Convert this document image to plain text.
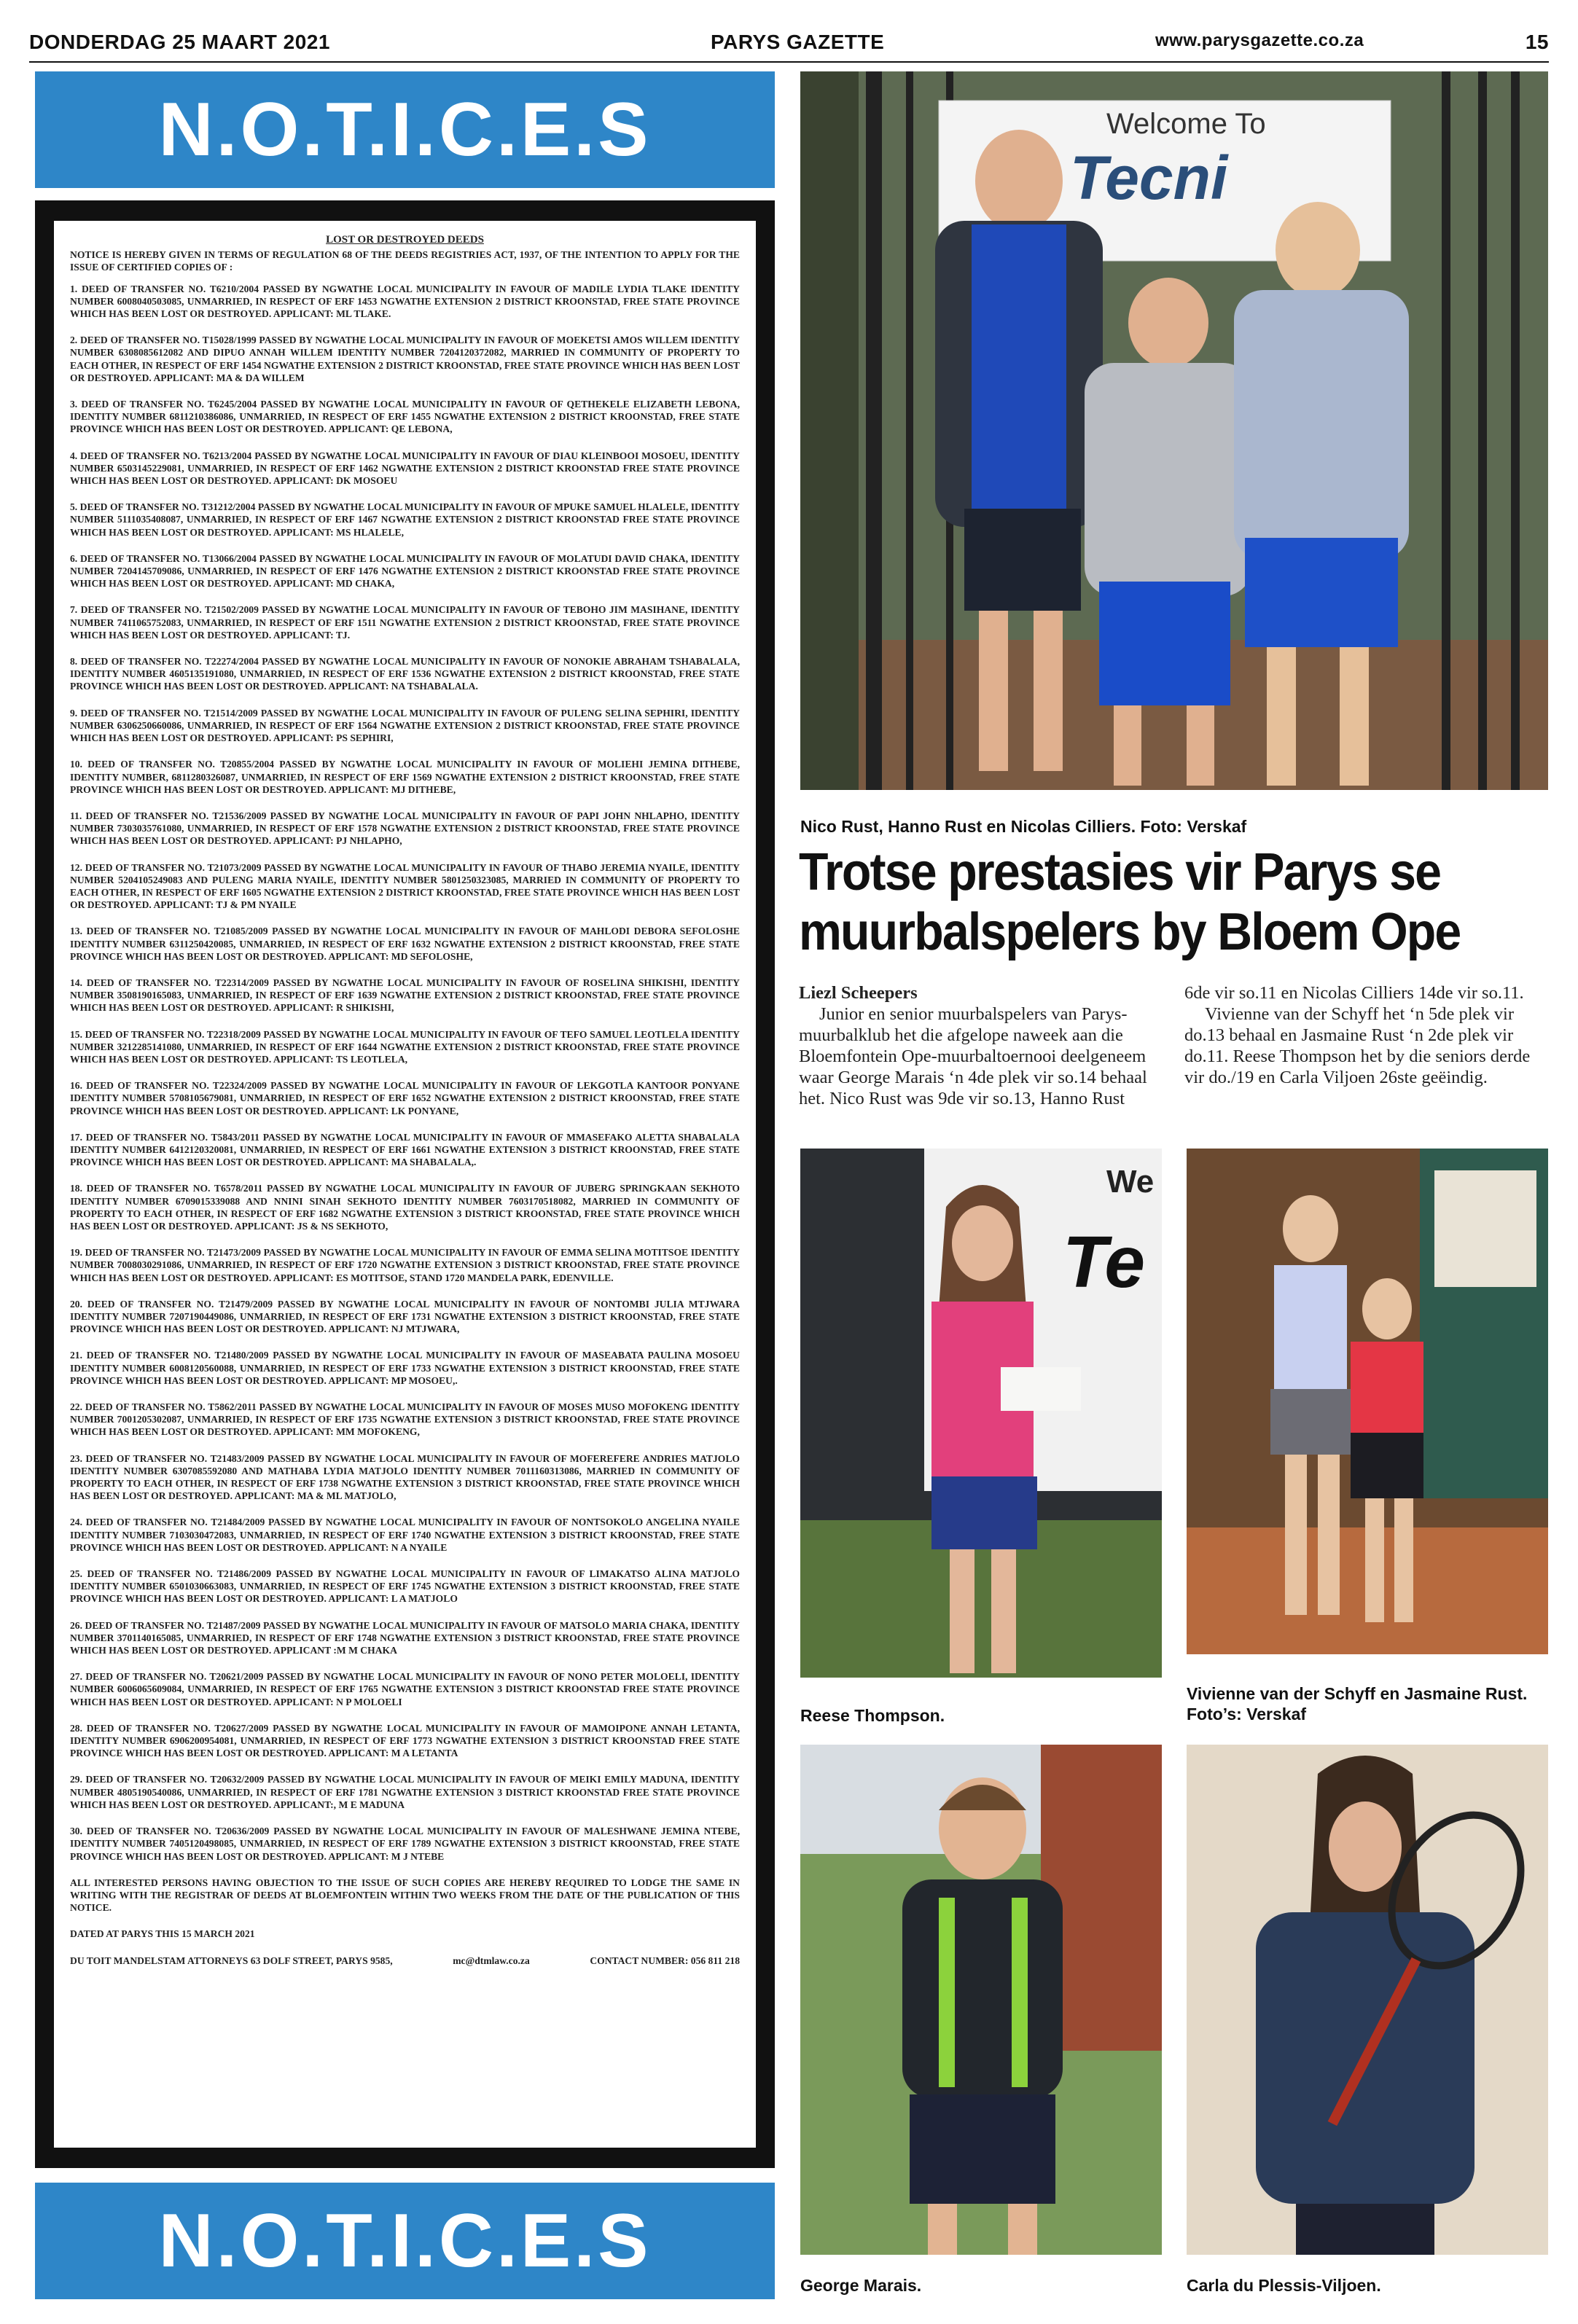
DONDERDAG 25 MAART 2021	PARYS GAZETTE	www.parysgazette.co.za	15
N.O.T.I.C.E.S
LOST OR DESTROYED DEEDS

NOTICE IS HEREBY GIVEN IN TERMS OF REGULATION 68 OF THE DEEDS REGISTRIES ACT, 1937, OF THE INTENTION TO APPLY FOR THE ISSUE OF CERTIFIED COPIES OF :

1. DEED OF TRANSFER NO. T6210/2004 PASSED BY NGWATHE LOCAL MUNICIPALITY IN FAVOUR OF MADILE LYDIA TLAKE IDENTITY NUMBER 6008040503085, UNMARRIED, IN RESPECT OF ERF 1453 NGWATHE EXTENSION 2 DISTRICT KROONSTAD, FREE STATE PROVINCE WHICH HAS BEEN LOST OR DESTROYED. APPLICANT: ML TLAKE.

2. DEED OF TRANSFER NO. T15028/1999 PASSED BY NGWATHE LOCAL MUNICIPALITY IN FAVOUR OF MOEKETSI AMOS WILLEM IDENTITY NUMBER 6308085612082 AND DIPUO ANNAH WILLEM IDENTITY NUMBER 7204120372082, MARRIED IN COMMUNITY OF PROPERTY TO EACH OTHER, IN RESPECT OF ERF 1454 NGWATHE EXTENSION 2 DISTRICT KROONSTAD, FREE STATE PROVINCE WHICH HAS BEEN LOST OR DESTROYED. APPLICANT: MA & DA WILLEM

3. DEED OF TRANSFER NO. T6245/2004 PASSED BY NGWATHE LOCAL MUNICIPALITY IN FAVOUR OF QETHEKELE ELIZABETH LEBONA, IDENTITY NUMBER 6811210386086, UNMARRIED, IN RESPECT OF ERF 1455 NGWATHE EXTENSION 2 DISTRICT KROONSTAD, FREE STATE PROVINCE WHICH HAS BEEN LOST OR DESTROYED. APPLICANT: QE LEBONA,

4. DEED OF TRANSFER NO. T6213/2004 PASSED BY NGWATHE LOCAL MUNICIPALITY IN FAVOUR OF DIAU KLEINBOOI MOSOEU, IDENTITY NUMBER 6503145229081, UNMARRIED, IN RESPECT OF ERF 1462 NGWATHE EXTENSION 2 DISTRICT KROONSTAD FREE STATE PROVINCE WHICH HAS BEEN LOST OR DESTROYED. APPLICANT: DK MOSOEU

5. DEED OF TRANSFER NO. T31212/2004 PASSED BY NGWATHE LOCAL MUNICIPALITY IN FAVOUR OF MPUKE SAMUEL HLALELE, IDENTITY NUMBER 5111035408087, UNMARRIED, IN RESPECT OF ERF 1467 NGWATHE EXTENSION 2 DISTRICT KROONSTAD FREE STATE PROVINCE WHICH HAS BEEN LOST OR DESTROYED. APPLICANT: MS HLALELE,

6. DEED OF TRANSFER NO. T13066/2004 PASSED BY NGWATHE LOCAL MUNICIPALITY IN FAVOUR OF MOLATUDI DAVID CHAKA, IDENTITY NUMBER 7204145709086, UNMARRIED, IN RESPECT OF ERF 1476 NGWATHE EXTENSION 2 DISTRICT KROONSTAD FREE STATE PROVINCE WHICH HAS BEEN LOST OR DESTROYED. APPLICANT: MD CHAKA,

7. DEED OF TRANSFER NO. T21502/2009 PASSED BY NGWATHE LOCAL MUNICIPALITY IN FAVOUR OF TEBOHO JIM MASIHANE, IDENTITY NUMBER 7411065752083, UNMARRIED, IN RESPECT OF ERF 1511 NGWATHE EXTENSION 2 DISTRICT KROONSTAD, FREE STATE PROVINCE WHICH HAS BEEN LOST OR DESTROYED. APPLICANT: TJ.

8. DEED OF TRANSFER NO. T22274/2004 PASSED BY NGWATHE LOCAL MUNICIPALITY IN FAVOUR OF NONOKIE ABRAHAM TSHABALALA, IDENTITY NUMBER 4605135191080, UNMARRIED, IN RESPECT OF ERF 1536 NGWATHE EXTENSION 2 DISTRICT KROONSTAD, FREE STATE PROVINCE WHICH HAS BEEN LOST OR DESTROYED. APPLICANT: NA TSHABALALA.

9. DEED OF TRANSFER NO. T21514/2009 PASSED BY NGWATHE LOCAL MUNICIPALITY IN FAVOUR OF PULENG SELINA SEPHIRI, IDENTITY NUMBER 6306250660086, UNMARRIED, IN RESPECT OF ERF 1564 NGWATHE EXTENSION 2 DISTRICT KROONSTAD, FREE STATE PROVINCE WHICH HAS BEEN LOST OR DESTROYED. APPLICANT: PS SEPHIRI,

10. DEED OF TRANSFER NO. T20855/2004 PASSED BY NGWATHE LOCAL MUNICIPALITY IN FAVOUR OF MOLIEHI JEMINA DITHEBE, IDENTITY NUMBER, 6811280326087, UNMARRIED, IN RESPECT OF ERF 1569 NGWATHE EXTENSION 2 DISTRICT KROONSTAD, FREE STATE PROVINCE WHICH HAS BEEN LOST OR DESTROYED. APPLICANT: MJ DITHEBE,

11. DEED OF TRANSFER NO. T21536/2009 PASSED BY NGWATHE LOCAL MUNICIPALITY IN FAVOUR OF PAPI JOHN NHLAPHO, IDENTITY NUMBER 7303035761080, UNMARRIED, IN RESPECT OF ERF 1578 NGWATHE EXTENSION 2 DISTRICT KROONSTAD, FREE STATE PROVINCE WHICH HAS BEEN LOST OR DESTROYED. APPLICANT: PJ NHLAPHO,

12. DEED OF TRANSFER NO. T21073/2009 PASSED BY NGWATHE LOCAL MUNICIPALITY IN FAVOUR OF THABO JEREMIA NYAILE, IDENTITY NUMBER 5204105249083 AND PULENG MARIA NYAILE, IDENTITY NUMBER 5801250323085, MARRIED IN COMMUNITY OF PROPERTY TO EACH OTHER, IN RESPECT OF ERF 1605 NGWATHE EXTENSION 2 DISTRICT KROONSTAD, FREE STATE PROVINCE WHICH HAS BEEN LOST OR DESTROYED. APPLICANT: TJ & PM NYAILE

13. DEED OF TRANSFER NO. T21085/2009 PASSED BY NGWATHE LOCAL MUNICIPALITY IN FAVOUR OF MAHLODI DEBORA SEFOLOSHE IDENTITY NUMBER 6311250420085, UNMARRIED, IN RESPECT OF ERF 1632 NGWATHE EXTENSION 2 DISTRICT KROONSTAD, FREE STATE PROVINCE WHICH HAS BEEN LOST OR DESTROYED. APPLICANT: MD SEFOLOSHE,

14. DEED OF TRANSFER NO. T22314/2009 PASSED BY NGWATHE LOCAL MUNICIPALITY IN FAVOUR OF ROSELINA SHIKISHI, IDENTITY NUMBER 3508190165083, UNMARRIED, IN RESPECT OF ERF 1639 NGWATHE EXTENSION 2 DISTRICT KROONSTAD, FREE STATE PROVINCE WHICH HAS BEEN LOST OR DESTROYED. APPLICANT: R SHIKISHI,

15. DEED OF TRANSFER NO. T22318/2009 PASSED BY NGWATHE LOCAL MUNICIPALITY IN FAVOUR OF TEFO SAMUEL LEOTLELA IDENTITY NUMBER 3212285141080, UNMARRIED, IN RESPECT OF ERF 1644 NGWATHE EXTENSION 2 DISTRICT KROONSTAD, FREE STATE PROVINCE WHICH HAS BEEN LOST OR DESTROYED. APPLICANT: TS LEOTLELA,

16. DEED OF TRANSFER NO. T22324/2009 PASSED BY NGWATHE LOCAL MUNICIPALITY IN FAVOUR OF LEKGOTLA KANTOOR PONYANE IDENTITY NUMBER 5708105679081, UNMARRIED, IN RESPECT OF ERF 1652 NGWATHE EXTENSION 2 DISTRICT KROONSTAD, FREE STATE PROVINCE WHICH HAS BEEN LOST OR DESTROYED. APPLICANT: LK PONYANE,

17. DEED OF TRANSFER NO. T5843/2011 PASSED BY NGWATHE LOCAL MUNICIPALITY IN FAVOUR OF MMASEFAKO ALETTA SHABALALA IDENTITY NUMBER 6412120320081, UNMARRIED, IN RESPECT OF ERF 1661 NGWATHE EXTENSION 3 DISTRICT KROONSTAD, FREE STATE PROVINCE WHICH HAS BEEN LOST OR DESTROYED. APPLICANT: MA SHABALALA,.

18. DEED OF TRANSFER NO. T6578/2011 PASSED BY NGWATHE LOCAL MUNICIPALITY IN FAVOUR OF JUBERG SPRINGKAAN SEKHOTO IDENTITY NUMBER 6709015339088 AND NNINI SINAH SEKHOTO IDENTITY NUMBER 7603170518082, MARRIED IN COMMUNITY OF PROPERTY TO EACH OTHER, IN RESPECT OF ERF 1682 NGWATHE EXTENSION 3 DISTRICT KROONSTAD, FREE STATE PROVINCE WHICH HAS BEEN LOST OR DESTROYED. APPLICANT: JS & NS SEKHOTO,

19. DEED OF TRANSFER NO. T21473/2009 PASSED BY NGWATHE LOCAL MUNICIPALITY IN FAVOUR OF EMMA SELINA MOTITSOE IDENTITY NUMBER 7008030291086, UNMARRIED, IN RESPECT OF ERF 1720 NGWATHE EXTENSION 3 DISTRICT KROONSTAD, FREE STATE PROVINCE WHICH HAS BEEN LOST OR DESTROYED. APPLICANT: ES MOTITSOE, STAND 1720 MANDELA PARK, EDENVILLE.

20. DEED OF TRANSFER NO. T21479/2009 PASSED BY NGWATHE LOCAL MUNICIPALITY IN FAVOUR OF NONTOMBI JULIA MTJWARA IDENTITY NUMBER 7207190449086, UNMARRIED, IN RESPECT OF ERF 1731 NGWATHE EXTENSION 3 DISTRICT KROONSTAD, FREE STATE PROVINCE WHICH HAS BEEN LOST OR DESTROYED. APPLICANT: NJ MTJWARA,

21. DEED OF TRANSFER NO. T21480/2009 PASSED BY NGWATHE LOCAL MUNICIPALITY IN FAVOUR OF MASEABATA PAULINA MOSOEU IDENTITY NUMBER 6008120560088, UNMARRIED, IN RESPECT OF ERF 1733 NGWATHE EXTENSION 3 DISTRICT KROONSTAD, FREE STATE PROVINCE WHICH HAS BEEN LOST OR DESTROYED. APPLICANT: MP MOSOEU,.

22. DEED OF TRANSFER NO. T5862/2011 PASSED BY NGWATHE LOCAL MUNICIPALITY IN FAVOUR OF MOSES MUSO MOFOKENG IDENTITY NUMBER 7001205302087, UNMARRIED, IN RESPECT OF ERF 1735 NGWATHE EXTENSION 3 DISTRICT KROONSTAD, FREE STATE PROVINCE WHICH HAS BEEN LOST OR DESTROYED. APPLICANT: MM MOFOKENG,

23. DEED OF TRANSFER NO. T21483/2009 PASSED BY NGWATHE LOCAL MUNICIPALITY IN FAVOUR OF MOFEREFERE ANDRIES MATJOLO IDENTITY NUMBER 6307085592080 AND MATHABA LYDIA MATJOLO IDENTITY NUMBER 7011160313086, MARRIED IN COMMUNITY OF PROPERTY TO EACH OTHER, IN RESPECT OF ERF 1738 NGWATHE EXTENSION 3 DISTRICT KROONSTAD, FREE STATE PROVINCE WHICH HAS BEEN LOST OR DESTROYED. APPLICANT: MA & ML MATJOLO,

24. DEED OF TRANSFER NO. T21484/2009 PASSED BY NGWATHE LOCAL MUNICIPALITY IN FAVOUR OF NONTSOKOLO ANGELINA NYAILE IDENTITY NUMBER 7103030472083, UNMARRIED, IN RESPECT OF ERF 1740 NGWATHE EXTENSION 3 DISTRICT KROONSTAD, FREE STATE PROVINCE WHICH HAS BEEN LOST OR DESTROYED. APPLICANT: N A NYAILE

25. DEED OF TRANSFER NO. T21486/2009 PASSED BY NGWATHE LOCAL MUNICIPALITY IN FAVOUR OF LIMAKATSO ALINA MATJOLO IDENTITY NUMBER 6501030663083, UNMARRIED, IN RESPECT OF ERF 1745 NGWATHE EXTENSION 3 DISTRICT KROONSTAD, FREE STATE PROVINCE WHICH HAS BEEN LOST OR DESTROYED. APPLICANT: L A MATJOLO

26. DEED OF TRANSFER NO. T21487/2009 PASSED BY NGWATHE LOCAL MUNICIPALITY IN FAVOUR OF MATSOLO MARIA CHAKA, IDENTITY NUMBER 3701140165085, UNMARRIED, IN RESPECT OF ERF 1748 NGWATHE EXTENSION 3 DISTRICT KROONSTAD, FREE STATE PROVINCE WHICH HAS BEEN LOST OR DESTROYED. APPLICANT :M M CHAKA

27. DEED OF TRANSFER NO. T20621/2009 PASSED BY NGWATHE LOCAL MUNICIPALITY IN FAVOUR OF NONO PETER MOLOELI, IDENTITY NUMBER 6006065609084, UNMARRIED, IN RESPECT OF ERF 1765 NGWATHE EXTENSION 3 DISTRICT KROONSTAD FREE STATE PROVINCE WHICH HAS BEEN LOST OR DESTROYED. APPLICANT: N P MOLOELI

28. DEED OF TRANSFER NO. T20627/2009 PASSED BY NGWATHE LOCAL MUNICIPALITY IN FAVOUR OF MAMOIPONE ANNAH LETANTA, IDENTITY NUMBER 6906200954081, UNMARRIED, IN RESPECT OF ERF 1773 NGWATHE EXTENSION 3 DISTRICT KROONSTAD FREE STATE PROVINCE WHICH HAS BEEN LOST OR DESTROYED. APPLICANT: M A LETANTA

29. DEED OF TRANSFER NO. T20632/2009 PASSED BY NGWATHE LOCAL MUNICIPALITY IN FAVOUR OF MEIKI EMILY MADUNA, IDENTITY NUMBER 4805190540086, UNMARRIED, IN RESPECT OF ERF 1781 NGWATHE EXTENSION 3 DISTRICT KROONSTAD FREE STATE PROVINCE WHICH HAS BEEN LOST OR DESTROYED. APPLICANT:, M E MADUNA

30. DEED OF TRANSFER NO. T20636/2009 PASSED BY NGWATHE LOCAL MUNICIPALITY IN FAVOUR OF MALESHWANE JEMINA NTEBE, IDENTITY NUMBER 7405120498085, UNMARRIED, IN RESPECT OF ERF 1789 NGWATHE EXTENSION 3 DISTRICT KROONSTAD, FREE STATE PROVINCE WHICH HAS BEEN LOST OR DESTROYED. APPLICANT: M J NTEBE

ALL INTERESTED PERSONS HAVING OBJECTION TO THE ISSUE OF SUCH COPIES ARE HEREBY REQUIRED TO LODGE THE SAME IN WRITING WITH THE REGISTRAR OF DEEDS AT BLOEMFONTEIN WITHIN TWO WEEKS FROM THE DATE OF THE PUBLICATION OF THIS NOTICE.

DATED AT PARYS THIS 15 MARCH 2021

DU TOIT MANDELSTAM ATTORNEYS 63 DOLF STREET, PARYS 9585,	mc@dtmlaw.co.za	CONTACT NUMBER: 056 811 218
N.O.T.I.C.E.S
Welcome To
Tecni
Nico Rust, Hanno Rust en Nicolas Cilliers. Foto: Verskaf
Trotse prestasies vir Parys se muurbalspelers by Bloem Ope
Liezl Scheepers

Junior en senior muurbalspelers van Parys-muurbalklub het die afgelope naweek aan die Bloemfontein Ope-muurbaltoernooi deelgeneem waar George Marais ‘n 4de plek vir so.14 behaal het. Nico Rust was 9de vir so.13, Hanno Rust

6de vir so.11 en Nicolas Cilliers 14de vir so.11.

Vivienne van der Schyff het ‘n 5de plek vir do.13 behaal en Jasmaine Rust ‘n 2de plek vir do.11. Reese Thompson het by die seniors derde vir do./19 en Carla Viljoen 26ste geëindig.

We
Te
Reese Thompson.
Vivienne van der Schyff en Jasmaine Rust. Foto’s: Verskaf
George Marais.	Carla du Plessis-Viljoen.
